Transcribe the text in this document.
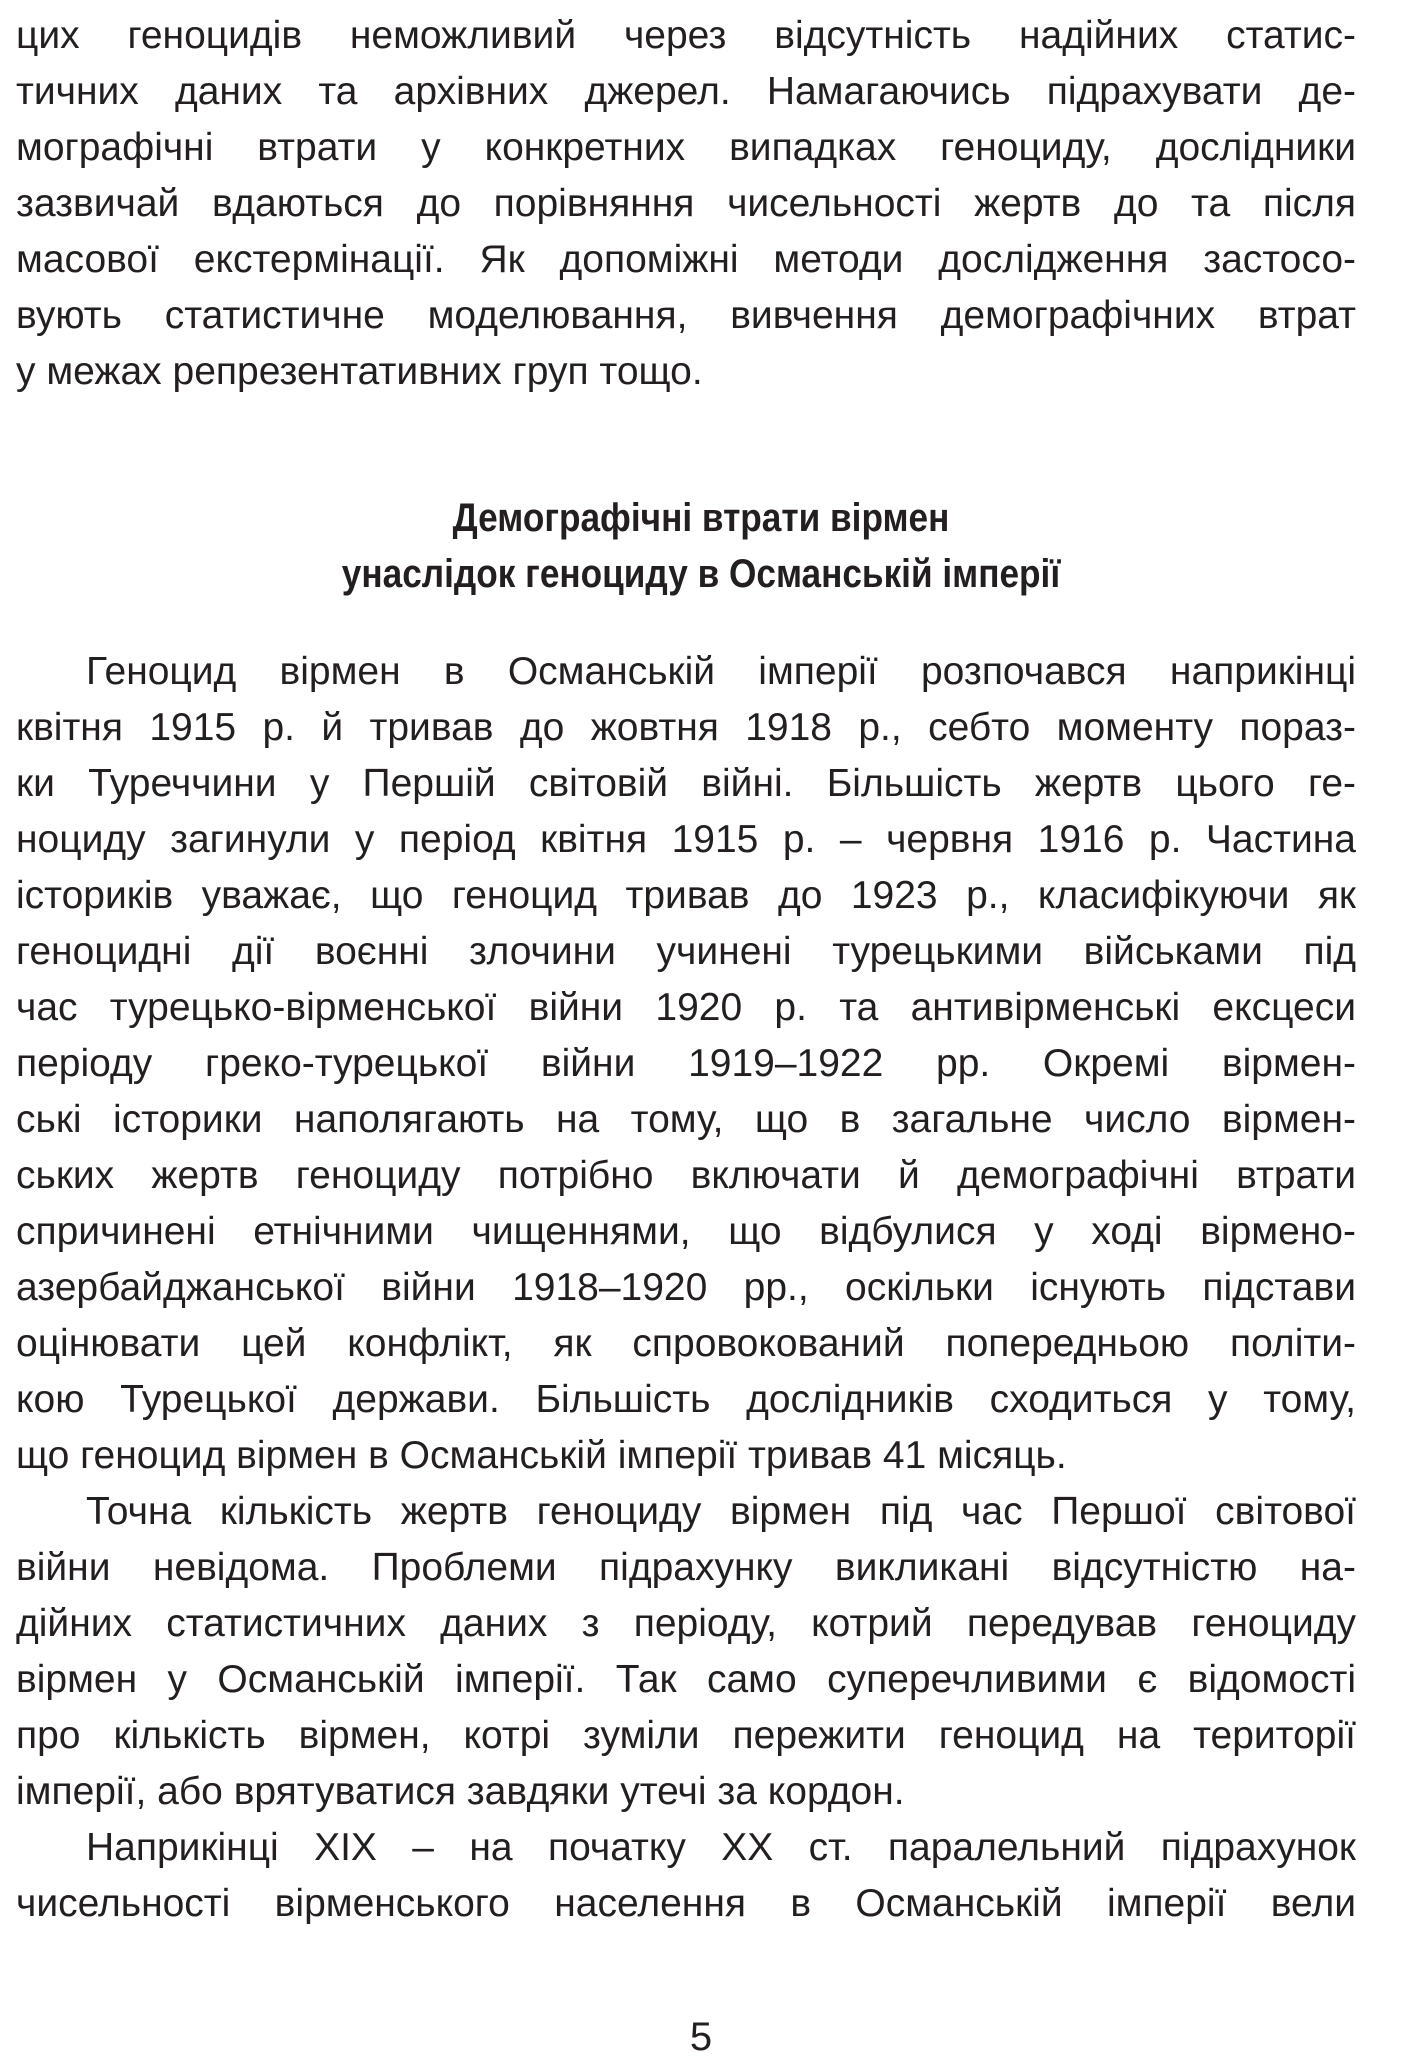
цих геноцидів неможливий через відсутність надійних статис-
тичних даних та архівних джерел. Намагаючись підрахувати де-
мографічні втрати у конкретних випадках геноциду, дослідники
зазвичай вдаються до порівняння чисельності жертв до та після
масової екстермінації. Як допоміжні методи дослідження застосо-
вують статистичне моделювання, вивчення демографічних втрат
у межах репрезентативних груп тощо.
Демографічні втрати вірмен
унаслідок геноциду в Османській імперії
Геноцид вірмен в Османській імперії розпочався наприкінці
квітня 1915 р. й тривав до жовтня 1918 р., себто моменту пораз-
ки Туреччини у Першій світовій війні. Більшість жертв цього ге-
ноциду загинули у період квітня 1915 р. – червня 1916 р. Частина
істориків уважає, що геноцид тривав до 1923 р., класифікуючи як
геноцидні дії воєнні злочини учинені турецькими військами під
час турецько-вірменської війни 1920 р. та антивірменські ексцеси
періоду греко-турецької війни 1919–1922 рр. Окремі вірмен-
ські історики наполягають на тому, що в загальне число вірмен-
ських жертв геноциду потрібно включати й демографічні втрати
спричинені етнічними чищеннями, що відбулися у ході вірмено-
азербайджанської війни 1918–1920 рр., оскільки існують підстави
оцінювати цей конфлікт, як спровокований попередньою політи-
кою Турецької держави. Більшість дослідників сходиться у тому,
що геноцид вірмен в Османській імперії тривав 41 місяць.
Точна кількість жертв геноциду вірмен під час Першої світової
війни невідома. Проблеми підрахунку викликані відсутністю на-
дійних статистичних даних з періоду, котрий передував геноциду
вірмен у Османській імперії. Так само суперечливими є відомості
про кількість вірмен, котрі зуміли пережити геноцид на території
імперії, або врятуватися завдяки утечі за кордон.
Наприкінці XIX – на початку XX ст. паралельний підрахунок
чисельності вірменського населення в Османській імперії вели
5
